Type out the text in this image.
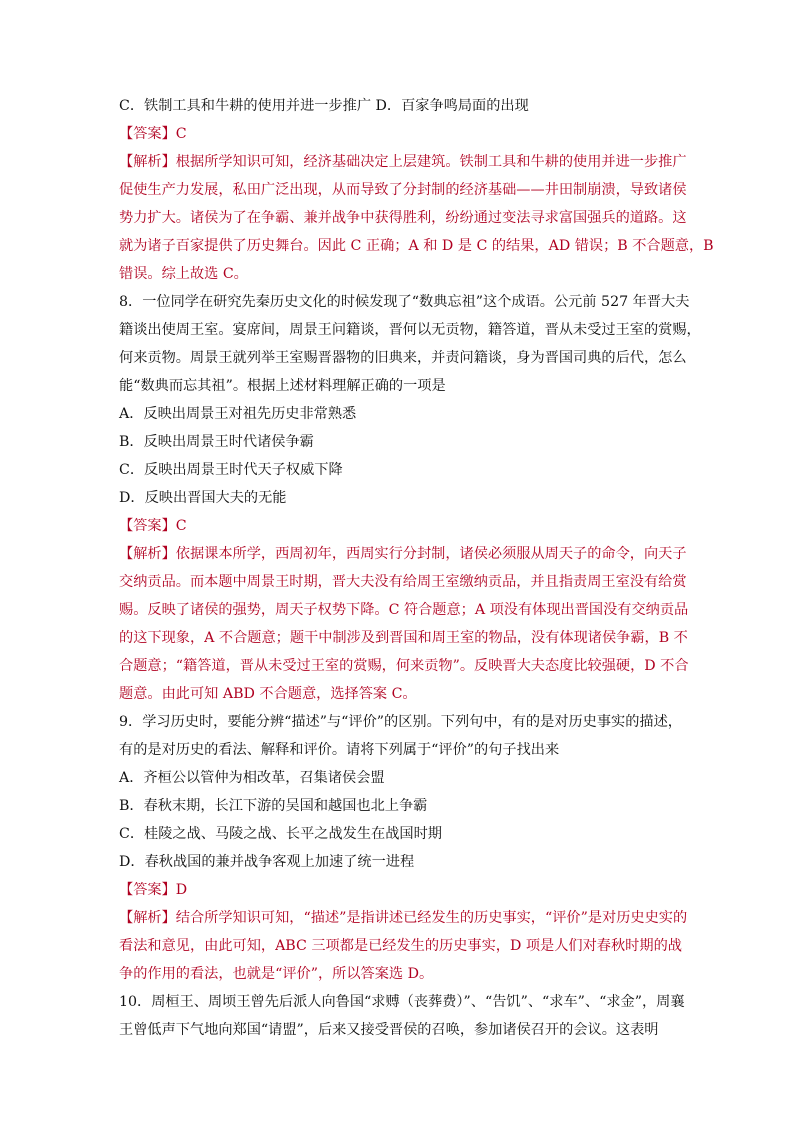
C．铁制工具和牛耕的使用并进一步推广 D．百家争鸣局面的出现
【答案】C
【解析】根据所学知识可知，经济基础决定上层建筑。铁制工具和牛耕的使用并进一步推广
促使生产力发展，私田广泛出现，从而导致了分封制的经济基础——井田制崩溃，导致诸侯
势力扩大。诸侯为了在争霸、兼并战争中获得胜利，纷纷通过变法寻求富国强兵的道路。这
就为诸子百家提供了历史舞台。因此 C 正确；A 和 D 是 C 的结果，AD 错误；B 不合题意，B
错误。综上故选 C。
8．一位同学在研究先秦历史文化的时候发现了“数典忘祖”这个成语。公元前 527 年晋大夫
籍谈出使周王室。宴席间，周景王问籍谈，晋何以无贡物，籍答道，晋从未受过王室的赏赐，
何来贡物。周景王就列举王室赐晋器物的旧典来，并责问籍谈，身为晋国司典的后代，怎么
能“数典而忘其祖”。根据上述材料理解正确的一项是
A．反映出周景王对祖先历史非常熟悉
B．反映出周景王时代诸侯争霸
C．反映出周景王时代天子权威下降
D．反映出晋国大夫的无能
【答案】C
【解析】依据课本所学，西周初年，西周实行分封制，诸侯必须服从周天子的命令，向天子
交纳贡品。而本题中周景王时期，晋大夫没有给周王室缴纳贡品，并且指责周王室没有给赏
赐。反映了诸侯的强势，周天子权势下降。C 符合题意；A 项没有体现出晋国没有交纳贡品
的这下现象，A 不合题意；题干中制涉及到晋国和周王室的物品，没有体现诸侯争霸，B 不
合题意；“籍答道，晋从未受过王室的赏赐，何来贡物”。反映晋大夫态度比较强硬，D 不合
题意。由此可知 ABD 不合题意，选择答案 C。
9．学习历史时，要能分辨“描述”与“评价”的区别。下列句中，有的是对历史事实的描述，
有的是对历史的看法、解释和评价。请将下列属于“评价”的句子找出来
A．齐桓公以管仲为相改革，召集诸侯会盟
B．春秋末期，长江下游的吴国和越国也北上争霸
C．桂陵之战、马陵之战、长平之战发生在战国时期
D．春秋战国的兼并战争客观上加速了统一进程
【答案】D
【解析】结合所学知识可知，“描述”是指讲述已经发生的历史事实，“评价”是对历史史实的
看法和意见，由此可知，ABC 三项都是已经发生的历史事实，D 项是人们对春秋时期的战
争的作用的看法，也就是“评价”，所以答案选 D。
10．周桓王、周顷王曾先后派人向鲁国“求赙（丧葬费）”、“告饥”、“求车”、“求金”，周襄
王曾低声下气地向郑国“请盟”，后来又接受晋侯的召唤，参加诸侯召开的会议。这表明
